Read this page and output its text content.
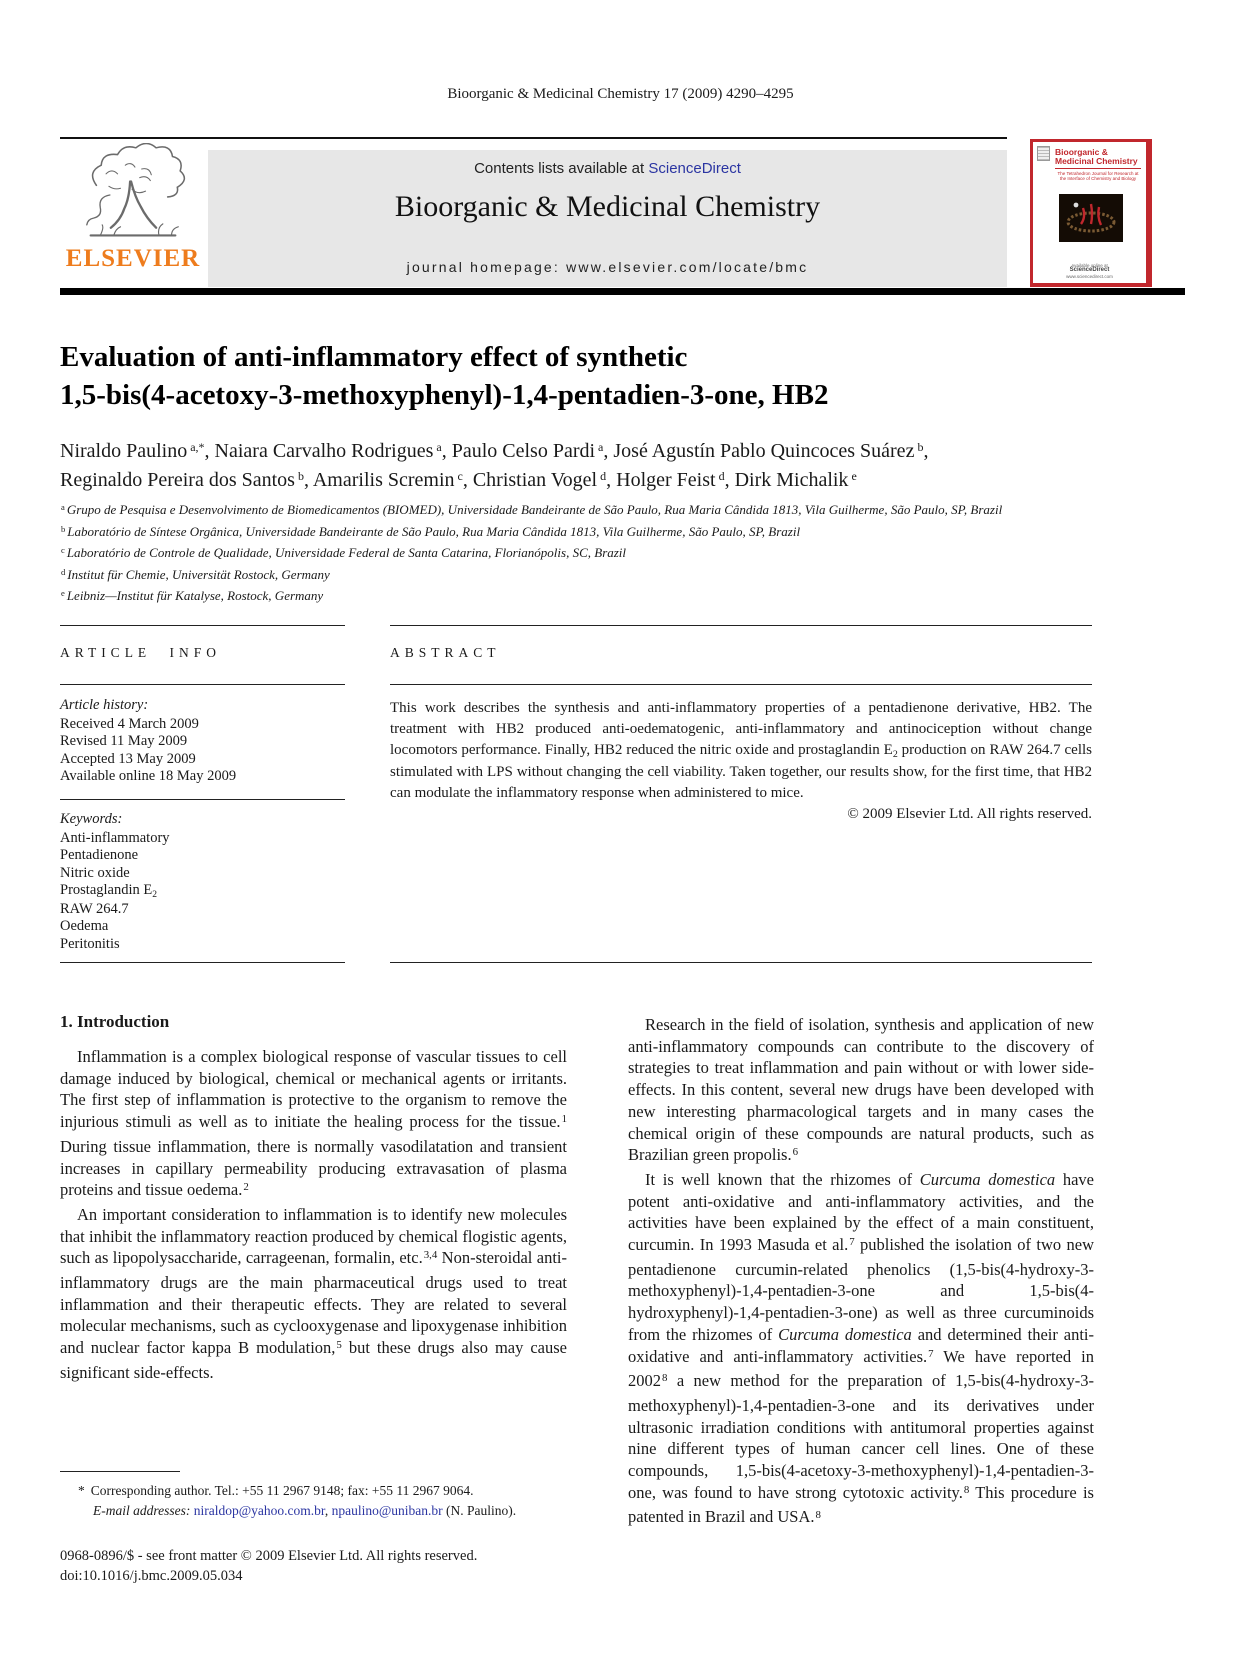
Bioorganic & Medicinal Chemistry 17 (2009) 4290–4295
ELSEVIER
Contents lists available at ScienceDirect
Bioorganic & Medicinal Chemistry
journal homepage: www.elsevier.com/locate/bmc
Bioorganic & Medicinal Chemistry
The Tetrahedron Journal for Research at the Interface of Chemistry and Biology
Available online at
ScienceDirect
www.sciencedirect.com
Evaluation of anti-inflammatory effect of synthetic
1,5-bis(4-acetoxy-3-methoxyphenyl)-1,4-pentadien-3-one, HB2
Niraldo Paulino $^{a,*}$, Naiara Carvalho Rodrigues $^a$, Paulo Celso Pardi $^a$, José Agustín Pablo Quincoces Suárez $^b$,
Reginaldo Pereira dos Santos $^b$, Amarilis Scremin $^c$, Christian Vogel $^d$, Holger Feist $^d$, Dirk Michalik $^e$
$^a$ Grupo de Pesquisa e Desenvolvimento de Biomedicamentos (BIOMED), Universidade Bandeirante de São Paulo, Rua Maria Cândida 1813, Vila Guilherme, São Paulo, SP, Brazil
$^b$ Laboratório de Síntese Orgânica, Universidade Bandeirante de São Paulo, Rua Maria Cândida 1813, Vila Guilherme, São Paulo, SP, Brazil
$^c$ Laboratório de Controle de Qualidade, Universidade Federal de Santa Catarina, Florianópolis, SC, Brazil
$^d$ Institut für Chemie, Universität Rostock, Germany
$^e$ Leibniz—Institut für Katalyse, Rostock, Germany
ARTICLE INFO	ABSTRACT
Article history:
Received 4 March 2009
Revised 11 May 2009
Accepted 13 May 2009
Available online 18 May 2009
Keywords:
Anti-inflammatory
Pentadienone
Nitric oxide
Prostaglandin E2
RAW 264.7
Oedema
Peritonitis
This work describes the synthesis and anti-inflammatory properties of a pentadienone derivative, HB2. The treatment with HB2 produced anti-oedematogenic, anti-inflammatory and antinociception without change locomotors performance. Finally, HB2 reduced the nitric oxide and prostaglandin E2 production on RAW 264.7 cells stimulated with LPS without changing the cell viability. Taken together, our results show, for the first time, that HB2 can modulate the inflammatory response when administered to mice.
© 2009 Elsevier Ltd. All rights reserved.
1. Introduction

Inflammation is a complex biological response of vascular tissues to cell damage induced by biological, chemical or mechanical agents or irritants. The first step of inflammation is protective to the organism to remove the injurious stimuli as well as to initiate the healing process for the tissue.$^1$ During tissue inflammation, there is normally vasodilatation and transient increases in capillary permeability producing extravasation of plasma proteins and tissue oedema.$^2$

An important consideration to inflammation is to identify new molecules that inhibit the inflammatory reaction produced by chemical flogistic agents, such as lipopolysaccharide, carrageenan, formalin, etc.$^{3,4}$ Non-steroidal anti-inflammatory drugs are the main pharmaceutical drugs used to treat inflammation and their therapeutic effects. They are related to several molecular mechanisms, such as cyclooxygenase and lipoxygenase inhibition and nuclear factor kappa B modulation,$^5$ but these drugs also may cause significant side-effects.

Research in the field of isolation, synthesis and application of new anti-inflammatory compounds can contribute to the discovery of strategies to treat inflammation and pain without or with lower side-effects. In this content, several new drugs have been developed with new interesting pharmacological targets and in many cases the chemical origin of these compounds are natural products, such as Brazilian green propolis.$^6$

It is well known that the rhizomes of Curcuma domestica have potent anti-oxidative and anti-inflammatory activities, and the activities have been explained by the effect of a main constituent, curcumin. In 1993 Masuda et al.$^7$ published the isolation of two new pentadienone curcumin-related phenolics (1,5-bis(4-hydroxy-3-methoxyphenyl)-1,4-pentadien-3-one and 1,5-bis(4-hydroxyphenyl)-1,4-pentadien-3-one) as well as three curcuminoids from the rhizomes of Curcuma domestica and determined their anti-oxidative and anti-inflammatory activities.$^7$ We have reported in 2002$^8$ a new method for the preparation of 1,5-bis(4-hydroxy-3-methoxyphenyl)-1,4-pentadien-3-one and its derivatives under ultrasonic irradiation conditions with antitumoral properties against nine different types of human cancer cell lines. One of these compounds, 1,5-bis(4-acetoxy-3-methoxyphenyl)-1,4-pentadien-3-one, was found to have strong cytotoxic activity.$^8$ This procedure is patented in Brazil and USA.$^8$

* Corresponding author. Tel.: +55 11 2967 9148; fax: +55 11 2967 9064.
E-mail addresses: niraldop@yahoo.com.br, npaulino@uniban.br (N. Paulino).
0968-0896/$ - see front matter © 2009 Elsevier Ltd. All rights reserved.
doi:10.1016/j.bmc.2009.05.034
